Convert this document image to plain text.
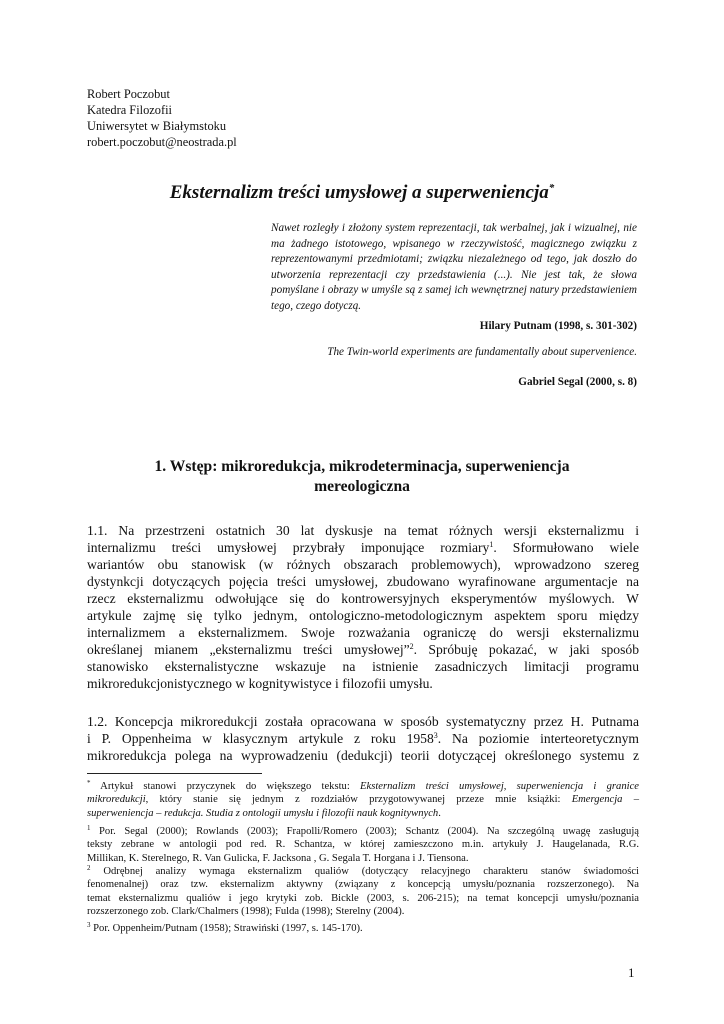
Robert Poczobut
Katedra Filozofii
Uniwersytet w Białymstoku
robert.poczobut@neostrada.pl
Eksternalizm treści umysłowej a superweniencja*
Nawet rozległy i złożony system reprezentacji, tak werbalnej, jak i wizualnej, nie ma żadnego istotowego, wpisanego w rzeczywistość, magicznego związku z reprezentowanymi przedmiotami; związku niezależnego od tego, jak doszło do utworzenia reprezentacji czy przedstawienia (...). Nie jest tak, że słowa pomyślane i obrazy w umyśle są z samej ich wewnętrznej natury przedstawieniem tego, czego dotyczą.
Hilary Putnam (1998, s. 301-302)
The Twin-world experiments are fundamentally about supervenience.
Gabriel Segal (2000, s. 8)
1. Wstęp: mikroredukcja, mikrodeterminacja, superweniencja
mereologiczna
1.1. Na przestrzeni ostatnich 30 lat dyskusje na temat różnych wersji eksternalizmu i
internalizmu treści umysłowej przybrały imponujące rozmiary$^1$. Sformułowano wiele
wariantów obu stanowisk (w różnych obszarach problemowych), wprowadzono szereg
dystynkcji dotyczących pojęcia treści umysłowej, zbudowano wyrafinowane argumentacje na
rzecz eksternalizmu odwołujące się do kontrowersyjnych eksperymentów myślowych. W
artykule zajmę się tylko jednym, ontologiczno-metodologicznym aspektem sporu między
internalizmem a eksternalizmem. Swoje rozważania ograniczę do wersji eksternalizmu
określanej mianem „eksternalizmu treści umysłowej”$^2$. Spróbuję pokazać, w jaki sposób
stanowisko eksternalistyczne wskazuje na istnienie zasadniczych limitacji programu
mikroredukcjonistycznego w kognitywistyce i filozofii umysłu.
1.2. Koncepcja mikroredukcji została opracowana w sposób systematyczny przez H. Putnama
i P. Oppenheima w klasycznym artykule z roku 1958$^3$. Na poziomie interteoretycznym
mikroredukcja polega na wyprowadzeniu (dedukcji) teorii dotyczącej określonego systemu z
* Artykuł stanowi przyczynek do większego tekstu: Eksternalizm treści umysłowej, superweniencja i granice
mikroredukcji, który stanie się jednym z rozdziałów przygotowywanej przeze mnie książki: Emergencja –
superweniencja – redukcja. Studia z ontologii umysłu i filozofii nauk kognitywnych.
$^1$ Por. Segal (2000); Rowlands (2003); Frapolli/Romero (2003); Schantz (2004). Na szczególną uwagę zasługują
teksty zebrane w antologii pod red. R. Schantza, w której zamieszczono m.in. artykuły J. Haugelanada, R.G.
Millikan, K. Sterelnego, R. Van Gulicka, F. Jacksona , G. Segala T. Horgana i J. Tiensona.
$^2$ Odrębnej analizy wymaga eksternalizm qualiów (dotyczący relacyjnego charakteru stanów świadomości
fenomenalnej) oraz tzw. eksternalizm aktywny (związany z koncepcją umysłu/poznania rozszerzonego). Na
temat eksternalizmu qualiów i jego krytyki zob. Bickle (2003, s. 206-215); na temat koncepcji umysłu/poznania
rozszerzonego zob. Clark/Chalmers (1998); Fulda (1998); Sterelny (2004).
$^3$ Por. Oppenheim/Putnam (1958); Strawiński (1997, s. 145-170).
1
